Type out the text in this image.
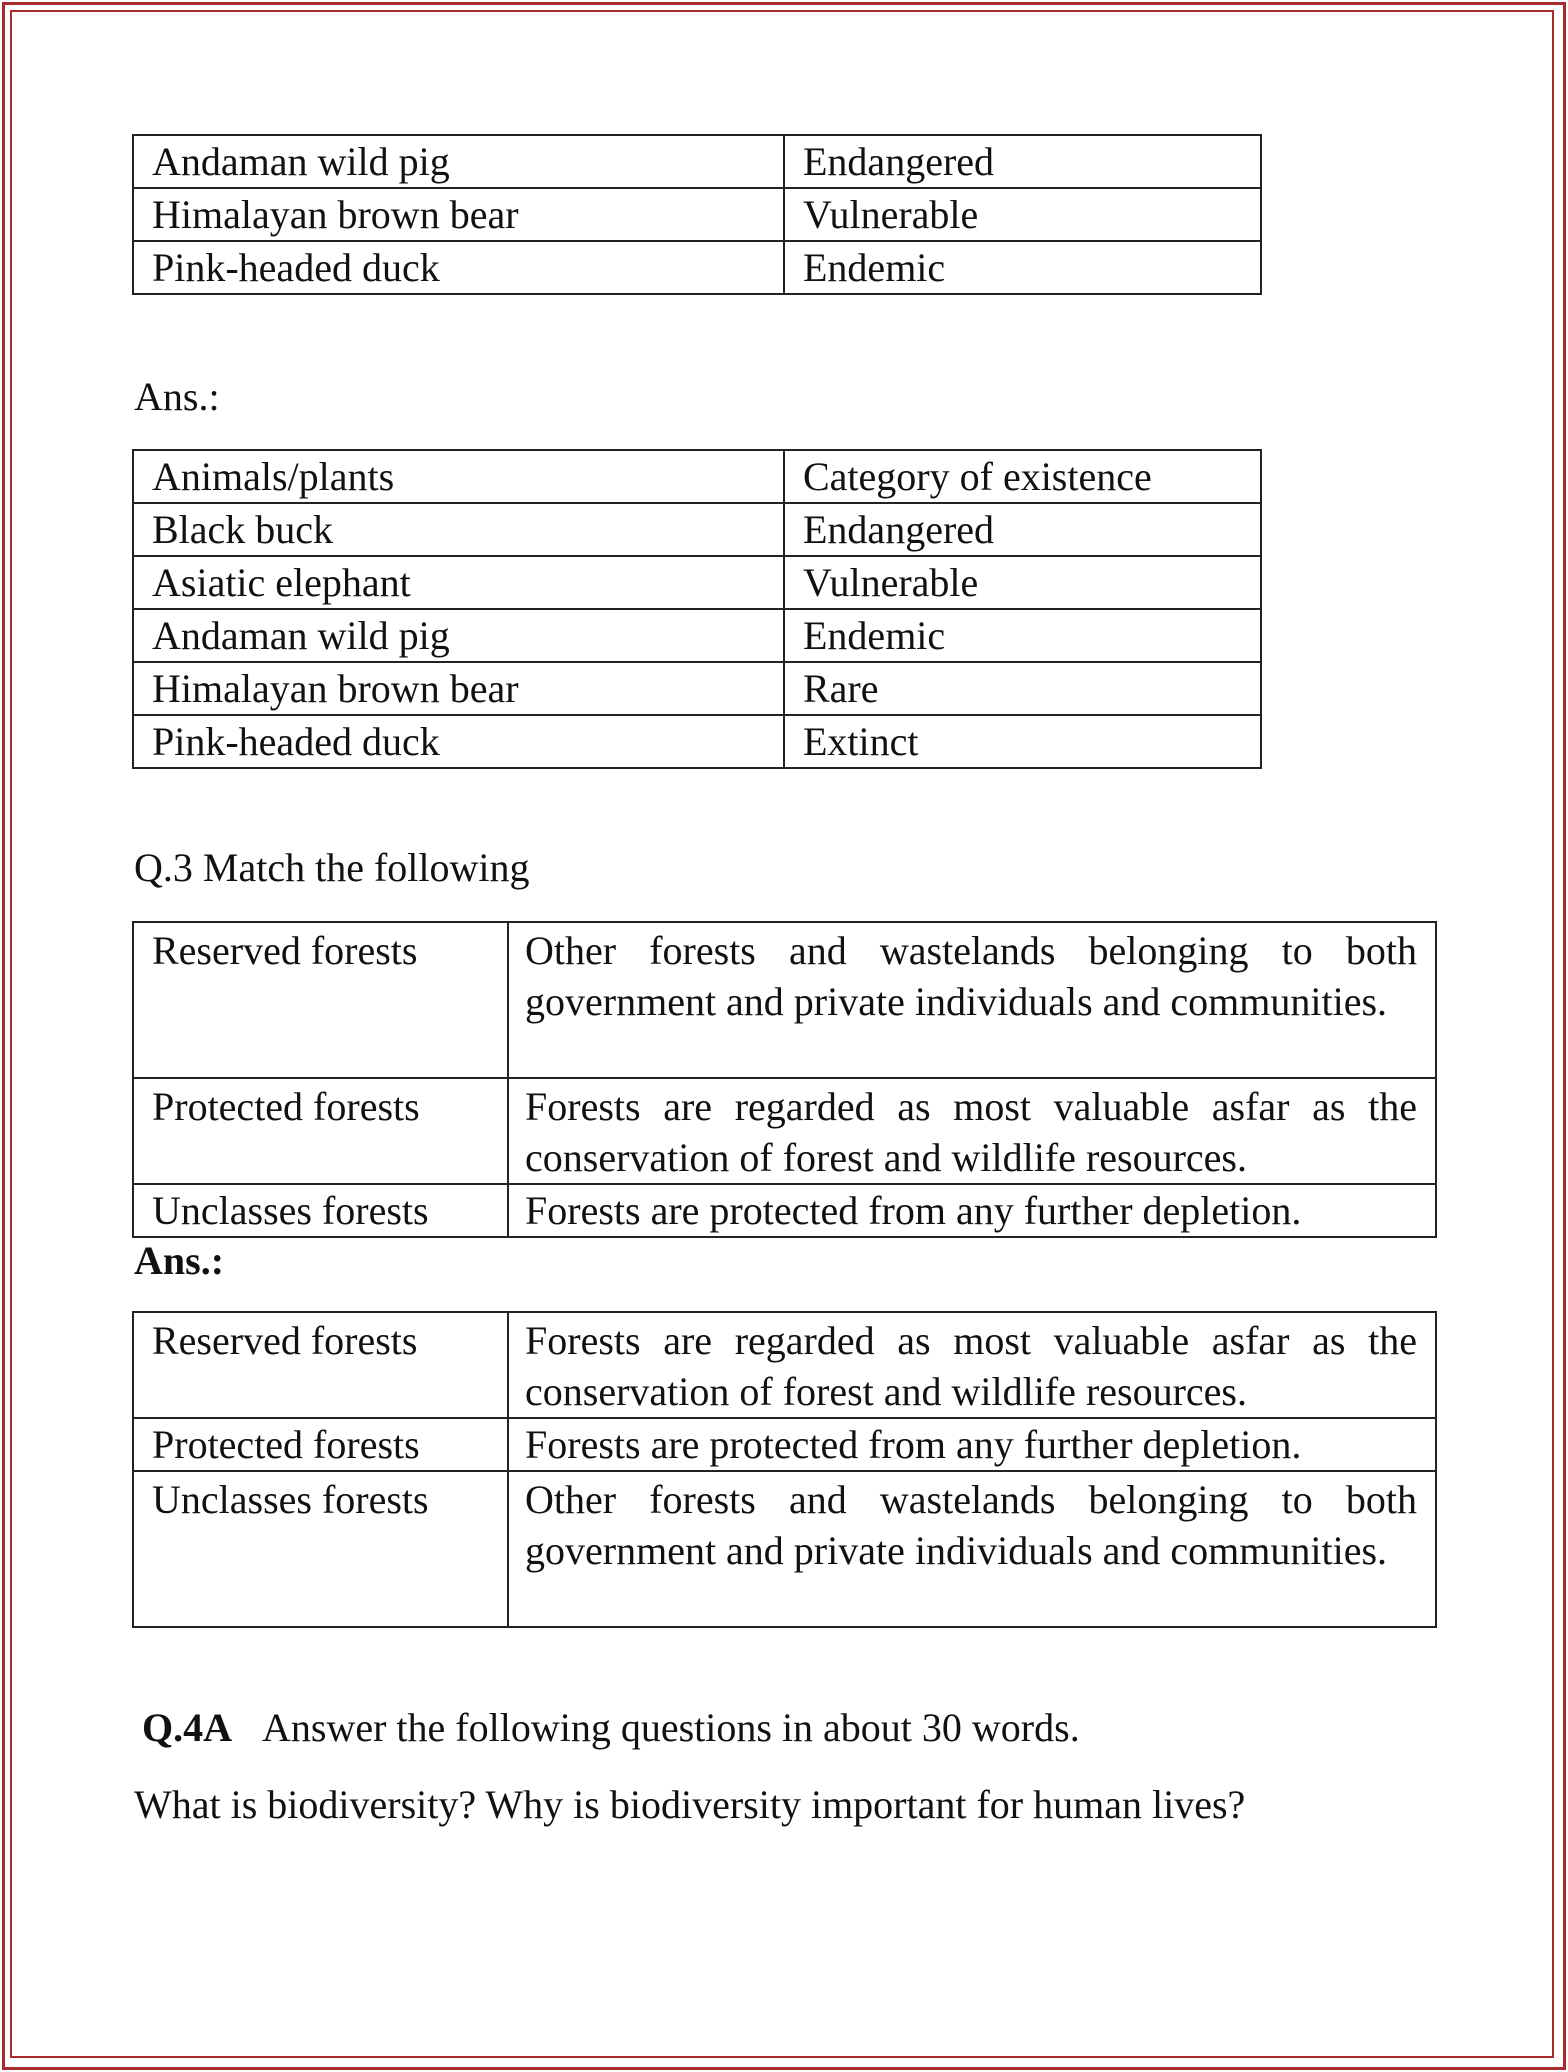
Andaman wild pig	Endangered
Himalayan brown bear	Vulnerable
Pink-headed duck	Endemic
Ans.:
Animals/plants	Category of existence
Black buck	Endangered
Asiatic elephant	Vulnerable
Andaman wild pig	Endemic
Himalayan brown bear	Rare
Pink-headed duck	Extinct
Q.3 Match the following
Reserved forests	Other forests and wastelands belonging to both government and private individuals and communities.
Protected forests	Forests are regarded as most valuable asfar as the conservation of forest and wildlife resources.
Unclasses forests	Forests are protected from any further depletion.
Ans.:
Reserved forests	Forests are regarded as most valuable asfar as the conservation of forest and wildlife resources.
Protected forests	Forests are protected from any further depletion.
Unclasses forests	Other forests and wastelands belonging to both government and private individuals and communities.
Q.4A Answer the following questions in about 30 words.
What is biodiversity? Why is biodiversity important for human lives?
